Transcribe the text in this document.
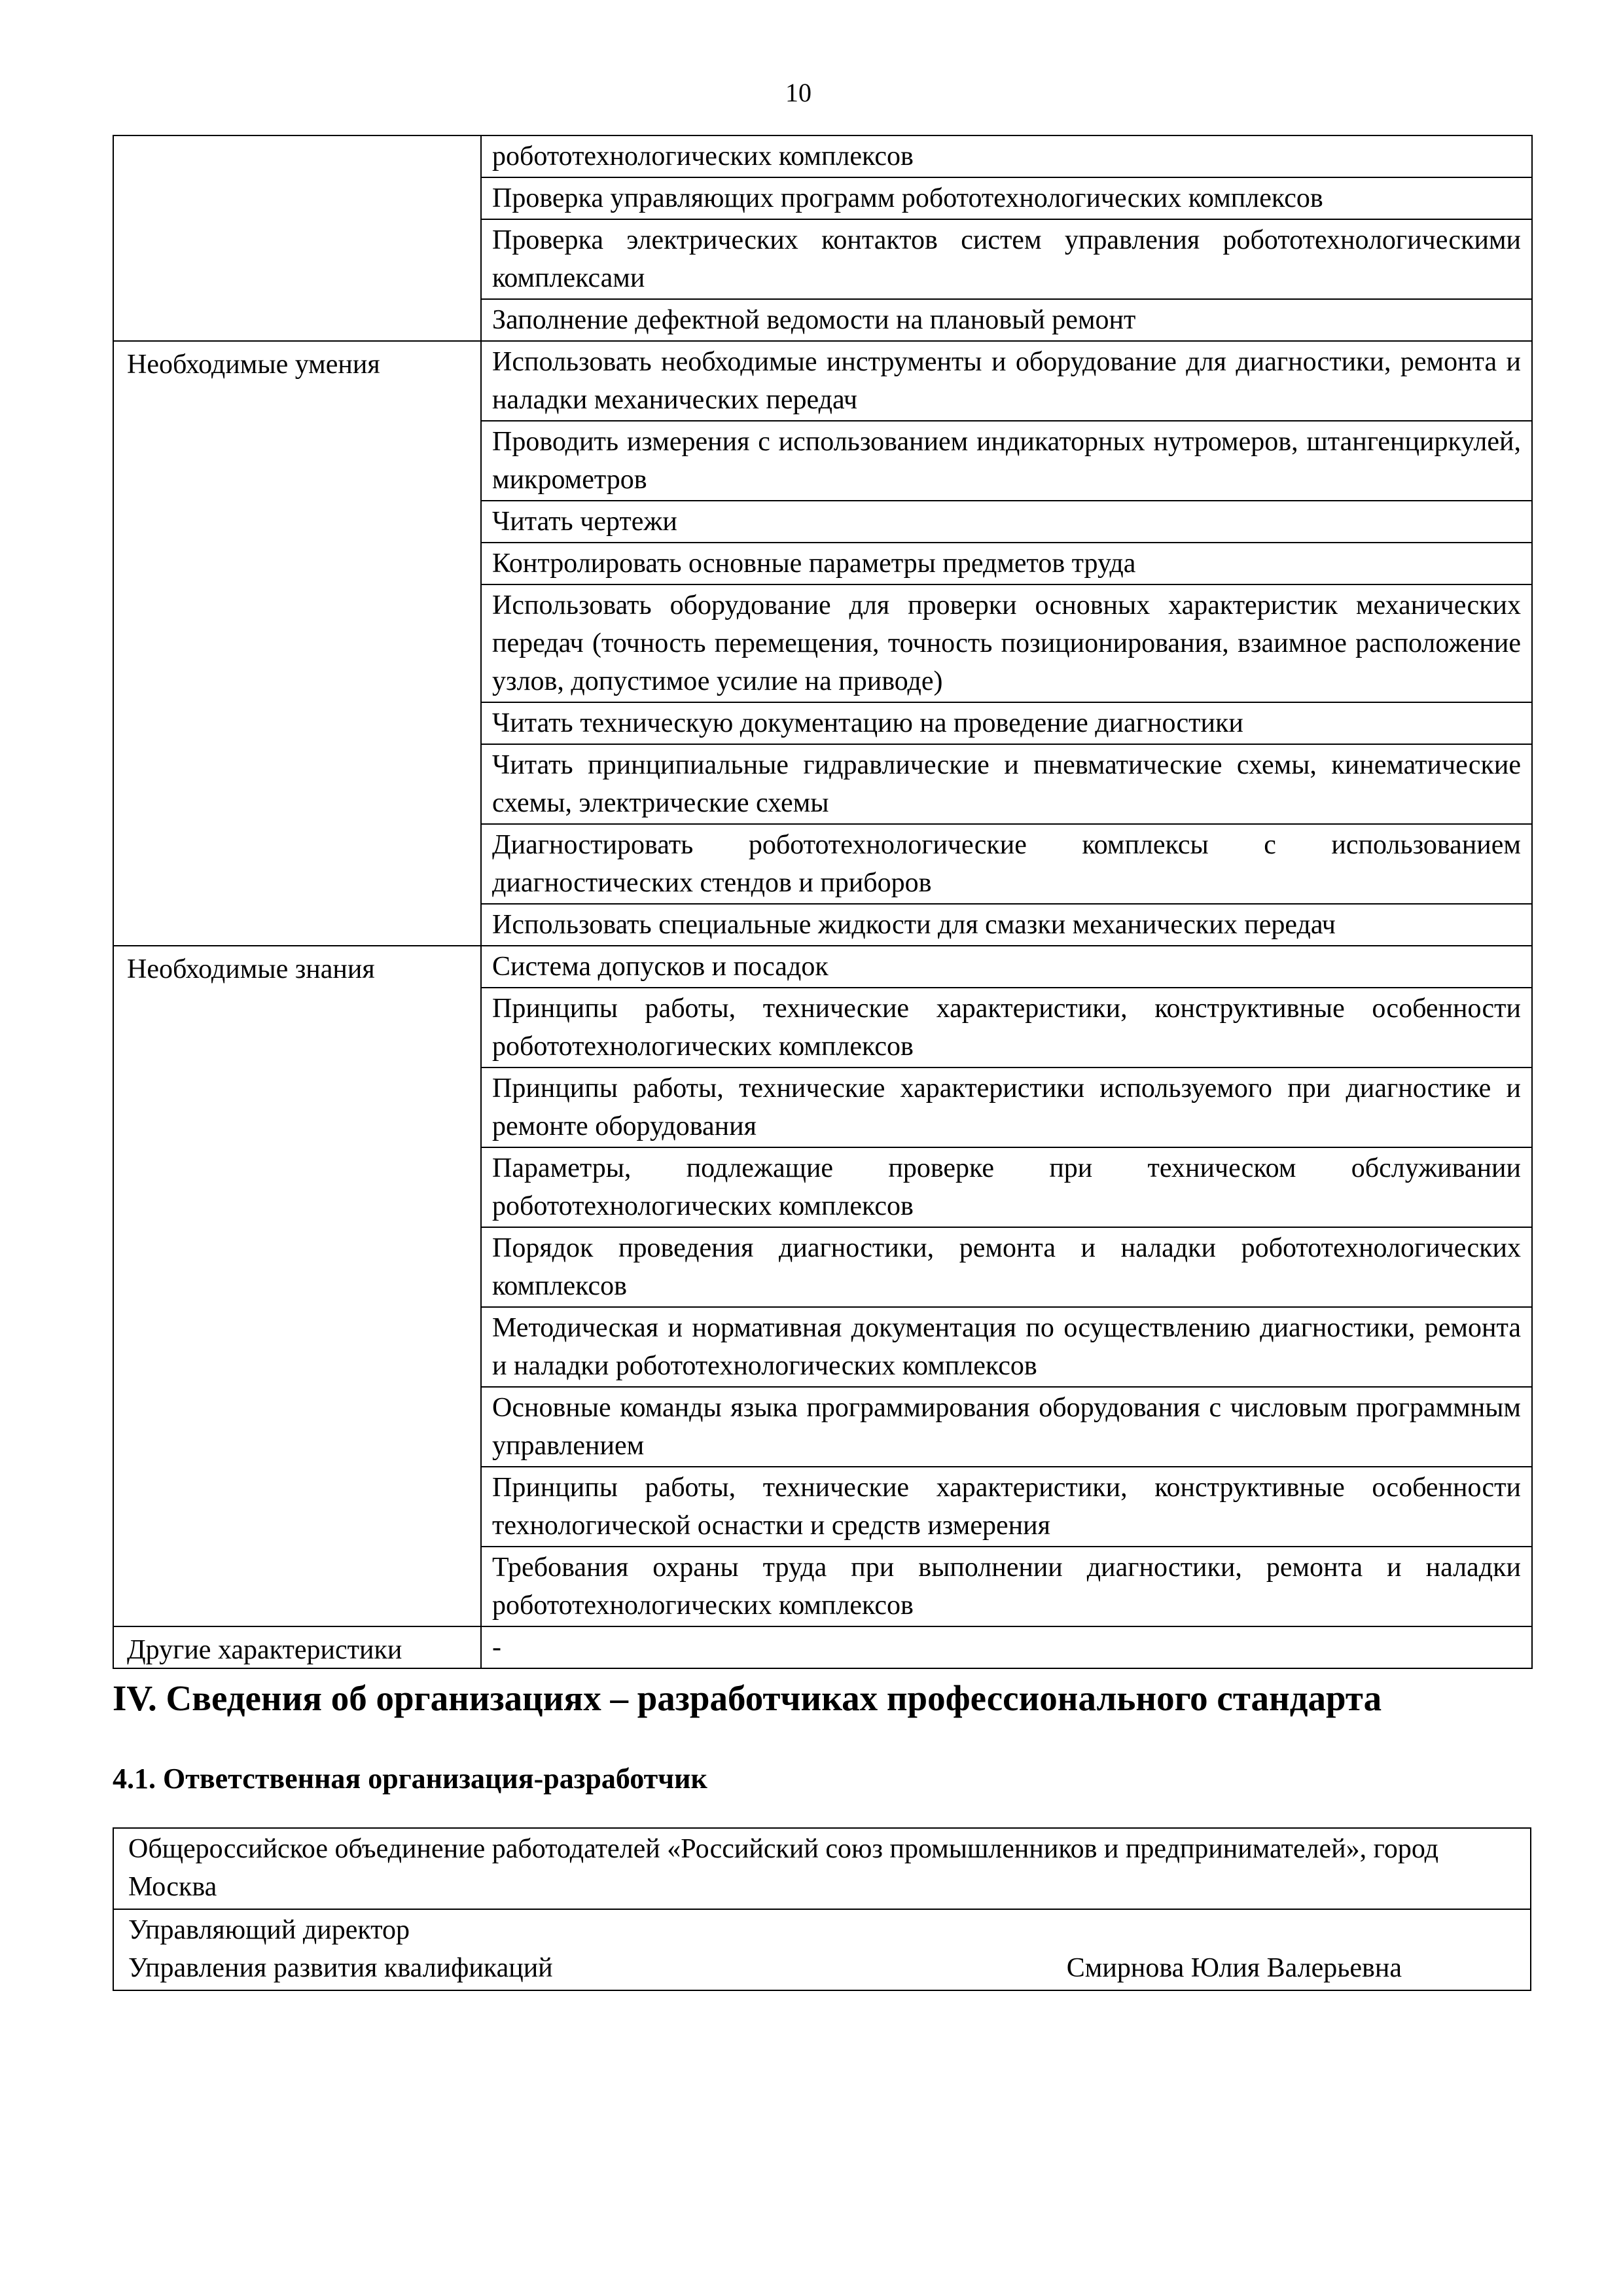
10
	робототехнологических комплексов
	Проверка управляющих программ робототехнологических комплексов
	Проверка электрических контактов систем управления робототехнологическими комплексами
	Заполнение дефектной ведомости на плановый ремонт
Необходимые умения	Использовать необходимые инструменты и оборудование для диагностики, ремонта и наладки механических передач
	Проводить измерения с использованием индикаторных нутромеров, штангенциркулей, микрометров
	Читать чертежи
	Контролировать основные параметры предметов труда
	Использовать оборудование для проверки основных характеристик механических передач (точность перемещения, точность позиционирования, взаимное расположение узлов, допустимое усилие на приводе)
	Читать техническую документацию на проведение диагностики
	Читать принципиальные гидравлические и пневматические схемы, кинематические схемы, электрические схемы
	Диагностировать робототехнологические комплексы с использованием диагностических стендов и приборов
	Использовать специальные жидкости для смазки механических передач
Необходимые знания	Система допусков и посадок
	Принципы работы, технические характеристики, конструктивные особенности робототехнологических комплексов
	Принципы работы, технические характеристики используемого при диагностике и ремонте оборудования
	Параметры, подлежащие проверке при техническом обслуживании робототехнологических комплексов
	Порядок проведения диагностики, ремонта и наладки робототехнологических комплексов
	Методическая и нормативная документация по осуществлению диагностики, ремонта и наладки робототехнологических комплексов
	Основные команды языка программирования оборудования с числовым программным управлением
	Принципы работы, технические характеристики, конструктивные особенности технологической оснастки и средств измерения
	Требования охраны труда при выполнении диагностики, ремонта и наладки робототехнологических комплексов
Другие характеристики	-
IV. Сведения об организациях – разработчиках профессионального стандарта
4.1. Ответственная организация-разработчик
Общероссийское объединение работодателей «Российский союз промышленников и предпринимателей», город Москва

Управляющий директор
Управления развития квалификаций	Смирнова Юлия Валерьевна
